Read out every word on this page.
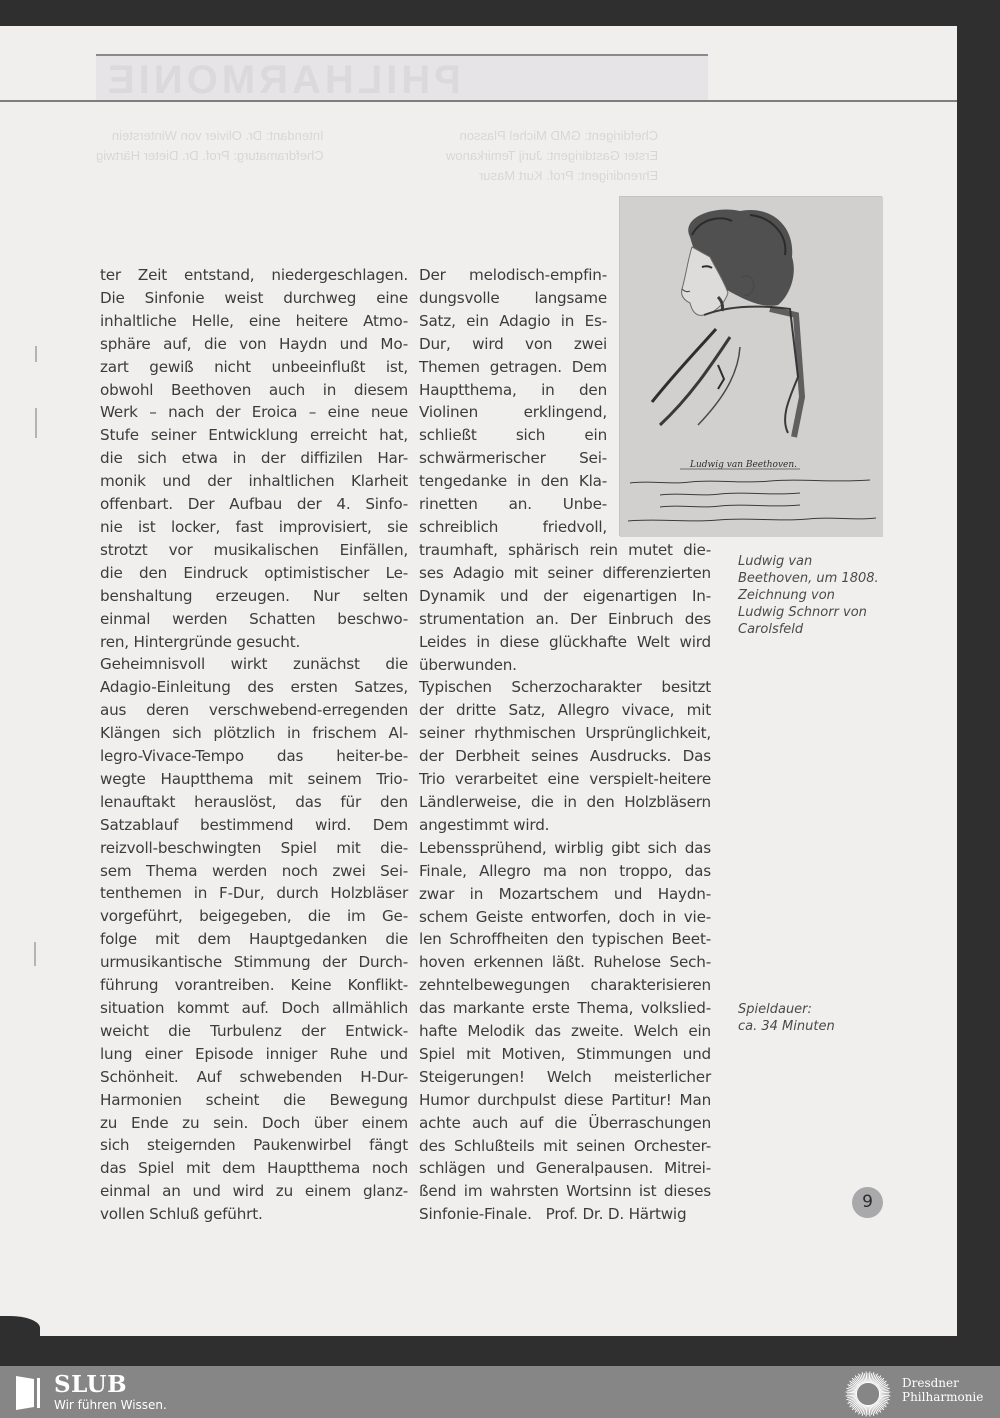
PHILHARMONIE
Intendant: Dr. Olivier von Winterstein
Chefdramaturg: Prof. Dr. Dieter Härtwig
Chefdirigent: GMD Michel Plasson
Erster Gastdirigent: Jurij Temirkanow
Ehrendirigent: Prof. Kurt Masur
ter Zeit entstand, niedergeschlagen.
Die Sinfonie weist durchweg eine
inhaltliche Helle, eine heitere Atmo-
sphäre auf, die von Haydn und Mo-
zart gewiß nicht unbeeinflußt ist,
obwohl Beethoven auch in diesem
Werk – nach der Eroica – eine neue
Stufe seiner Entwicklung erreicht hat,
die sich etwa in der diffizilen Har-
monik und der inhaltlichen Klarheit
offenbart. Der Aufbau der 4. Sinfo-
nie ist locker, fast improvisiert, sie
strotzt vor musikalischen Einfällen,
die den Eindruck optimistischer Le-
benshaltung erzeugen. Nur selten
einmal werden Schatten beschwo-
ren, Hintergründe gesucht.
Geheimnisvoll wirkt zunächst die
Adagio-Einleitung des ersten Satzes,
aus deren verschwebend-erregenden
Klängen sich plötzlich in frischem Al-
legro-Vivace-Tempo das heiter-be-
wegte Hauptthema mit seinem Trio-
lenauftakt herauslöst, das für den
Satzablauf bestimmend wird. Dem
reizvoll-beschwingten Spiel mit die-
sem Thema werden noch zwei Sei-
tenthemen in F-Dur, durch Holzbläser
vorgeführt, beigegeben, die im Ge-
folge mit dem Hauptgedanken die
urmusikantische Stimmung der Durch-
führung vorantreiben. Keine Konflikt-
situation kommt auf. Doch allmählich
weicht die Turbulenz der Entwick-
lung einer Episode inniger Ruhe und
Schönheit. Auf schwebenden H-Dur-
Harmonien scheint die Bewegung
zu Ende zu sein. Doch über einem
sich steigernden Paukenwirbel fängt
das Spiel mit dem Hauptthema noch
einmal an und wird zu einem glanz-
vollen Schluß geführt.
Der melodisch-empfin-
dungsvolle langsame
Satz, ein Adagio in Es-
Dur, wird von zwei
Themen getragen. Dem
Hauptthema, in den
Violinen erklingend,
schließt sich ein
schwärmerischer Sei-
tengedanke in den Kla-
rinetten an. Unbe-
schreiblich friedvoll,
traumhaft, sphärisch rein mutet die-
ses Adagio mit seiner differenzierten
Dynamik und der eigenartigen In-
strumentation an. Der Einbruch des
Leides in diese glückhafte Welt wird
überwunden.
Typischen Scherzocharakter besitzt
der dritte Satz, Allegro vivace, mit
seiner rhythmischen Ursprünglichkeit,
der Derbheit seines Ausdrucks. Das
Trio verarbeitet eine verspielt-heitere
Ländlerweise, die in den Holzbläsern
angestimmt wird.
Lebenssprühend, wirblig gibt sich das
Finale, Allegro ma non troppo, das
zwar in Mozartschem und Haydn-
schem Geiste entworfen, doch in vie-
len Schroffheiten den typischen Beet-
hoven erkennen läßt. Ruhelose Sech-
zehntelbewegungen charakterisieren
das markante erste Thema, volkslied-
hafte Melodik das zweite. Welch ein
Spiel mit Motiven, Stimmungen und
Steigerungen! Welch meisterlicher
Humor durchpulst diese Partitur! Man
achte auch auf die Überraschungen
des Schlußteils mit seinen Orchester-
schlägen und Generalpausen. Mitrei-
ßend im wahrsten Wortsinn ist dieses
Sinfonie-Finale.   Prof. Dr. D. Härtwig
Ludwig van Beethoven.
Ludwig van
Beethoven, um 1808.
Zeichnung von
Ludwig Schnorr von
Carolsfeld
Spieldauer:
ca. 34 Minuten
9
SLUB
Wir führen Wissen.
Dresdner
Philharmonie
